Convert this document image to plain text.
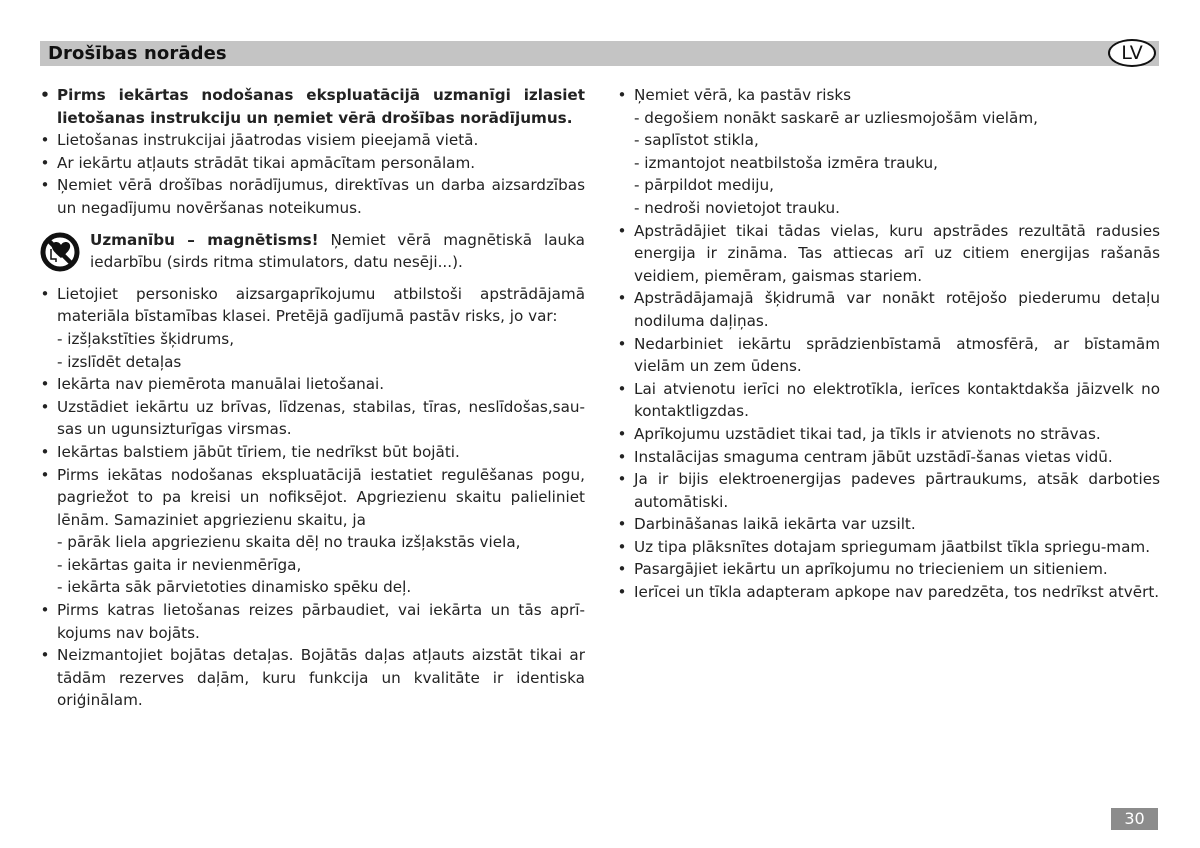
Drošības norādes	LV
• Pirms iekārtas nodošanas ekspluatācijā uzmanīgi izlasiet lietošanas instrukciju un ņemiet vērā drošības norādījumus.
• Lietošanas instrukcijai jāatrodas visiem pieejamā vietā.
• Ar iekārtu atļauts strādāt tikai apmācītam personālam.
• Ņemiet vērā drošības norādījumus, direktīvas un darba aizsardzības un negadījumu novēršanas noteikumus.
Uzmanību – magnētisms! Ņemiet vērā magnētiskā lauka iedarbību (sirds ritma stimulators, datu nesēji...).
• Lietojiet personisko aizsargaprīkojumu atbilstoši apstrādājamā materiāla bīstamības klasei. Pretējā gadījumā pastāv risks, jo var:
- izšļakstīties šķidrums,
- izslīdēt detaļas
• Iekārta nav piemērota manuālai lietošanai.
• Uzstādiet iekārtu uz brīvas, līdzenas, stabilas, tīras, neslīdošas,sau-sas un ugunsizturīgas virsmas.
• Iekārtas balstiem jābūt tīriem, tie nedrīkst būt bojāti.
• Pirms iekātas nodošanas ekspluatācijā iestatiet regulēšanas pogu, pagriežot to pa kreisi un nofiksējot. Apgriezienu skaitu palieliniet lēnām. Samaziniet apgriezienu skaitu, ja
- pārāk liela apgriezienu skaita dēļ no trauka izšļakstās viela,
- iekārtas gaita ir nevienmērīga,
- iekārta sāk pārvietoties dinamisko spēku deļ.
• Pirms katras lietošanas reizes pārbaudiet, vai iekārta un tās aprī-kojums nav bojāts.
• Neizmantojiet bojātas detaļas. Bojātās daļas atļauts aizstāt tikai ar tādām rezerves daļām, kuru funkcija un kvalitāte ir identiska oriģinālam.
• Ņemiet vērā, ka pastāv risks
- degošiem nonākt saskarē ar uzliesmojošām vielām,
- saplīstot stikla,
- izmantojot neatbilstoša izmēra trauku,
- pārpildot mediju,
- nedroši novietojot trauku.
• Apstrādājiet tikai tādas vielas, kuru apstrādes rezultātā radusies energija ir zināma. Tas attiecas arī uz citiem energijas rašanās veidiem, piemēram, gaismas stariem.
• Apstrādājamajā šķidrumā var nonākt rotējošo piederumu detaļu nodiluma daļiņas.
• Nedarbiniet iekārtu sprādzienbīstamā atmosfērā, ar bīstamām vielām un zem ūdens.
• Lai atvienotu ierīci no elektrotīkla, ierīces kontaktdakša jāizvelk no kontaktligzdas.
• Aprīkojumu uzstādiet tikai tad, ja tīkls ir atvienots no strāvas.
• Instalācijas smaguma centram jābūt uzstādī-šanas vietas vidū.
• Ja ir bijis elektroenergijas padeves pārtraukums, atsāk darboties automātiski.
• Darbināšanas laikā iekārta var uzsilt.
• Uz tipa plāksnītes dotajam spriegumam jāatbilst tīkla spriegu-mam.
• Pasargājiet iekārtu un aprīkojumu no triecieniem un sitieniem.
• Ierīcei un tīkla adapteram apkope nav paredzēta, tos nedrīkst atvērt.
30
